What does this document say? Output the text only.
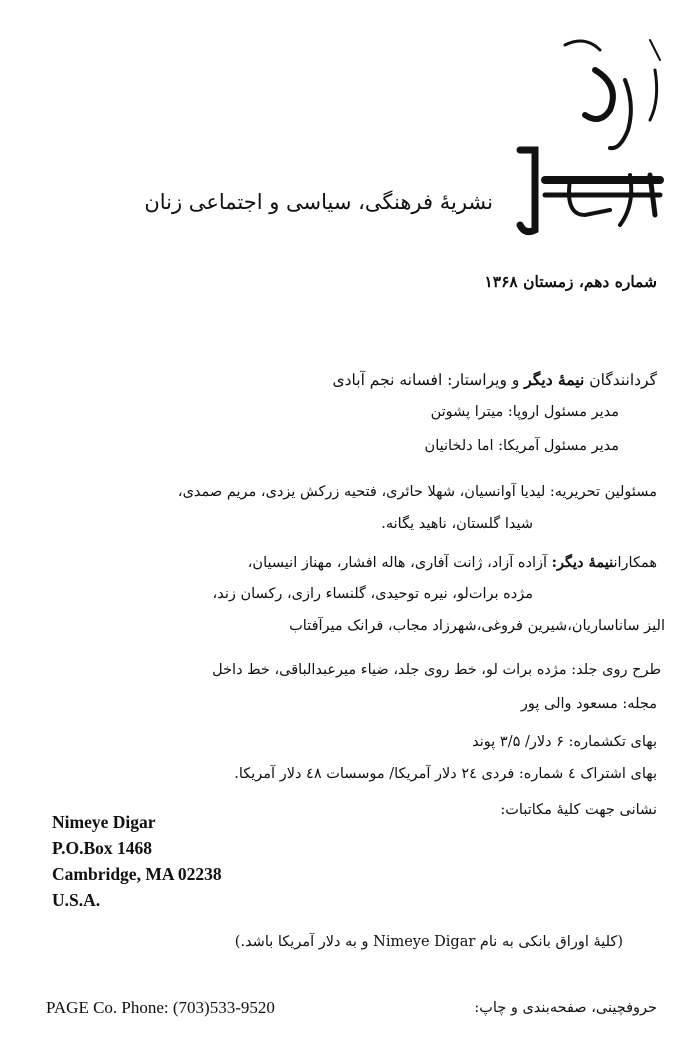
نشریهٔ فرهنگی، سیاسی و اجتماعی زنان
شماره دهم، زمستان ۱۳۶۸
گردانندگان نیمهٔ دیگر و ویراستار: افسانه نجم آبادی
مدیر مسئول اروپا: میترا پشوتن
مدیر مسئول آمریکا: اما دلخانیان
مسئولین تحریریه: لیدیا آوانسیان، شهلا حائری، فتحیه زرکش یزدی، مریم صمدی،
شیدا گلستان، ناهید یگانه.
همکاراننیمهٔ دیگر: آزاده آزاد، ژانت آفاری، هاله افشار، مهناز انیسیان،
مژده برات‌لو، نیره توحیدی، گلنساء رازی، رکسان زند،
الیز ساناساریان،شیرین فروغی،شهرزاد مجاب، فرانک میرآفتاب
طرح روی جلد: مژده برات لو، خط روی جلد، ضیاء میرعبدالباقی، خط داخل
مجله: مسعود والی پور
بهای تکشماره: ۶ دلار/ ۳/۵ پوند
بهای اشتراک ٤ شماره: فردی ۲٤ دلار آمریکا/ موسسات ٤۸ دلار آمریکا.
نشانی جهت کلیهٔ مکاتبات:
Nimeye Digar
P.O.Box 1468
Cambridge, MA 02238
U.S.A.
(کلیهٔ اوراق بانکی به نام Nimeye Digar و به دلار آمریکا باشد.)
حروفچینی، صفحه‌بندی و چاپ:
PAGE Co. Phone: (703)533-9520
